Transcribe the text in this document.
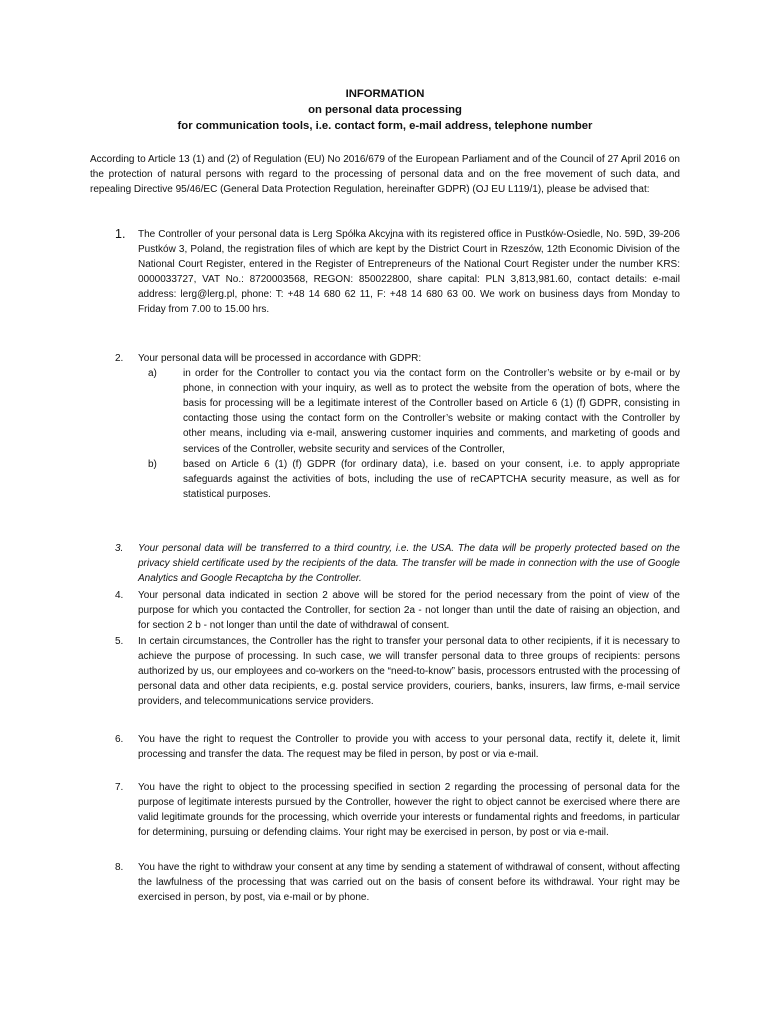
INFORMATION
on personal data processing
for communication tools, i.e. contact form, e-mail address, telephone number
According to Article 13 (1) and (2) of Regulation (EU) No 2016/679 of the European Parliament and of the Council of 27 April 2016 on the protection of natural persons with regard to the processing of personal data and on the free movement of such data, and repealing Directive 95/46/EC (General Data Protection Regulation, hereinafter GDPR) (OJ EU L119/1), please be advised that:
1.	The Controller of your personal data is Lerg Spółka Akcyjna with its registered office in Pustków-Osiedle, No. 59D, 39-206 Pustków 3, Poland, the registration files of which are kept by the District Court in Rzeszów, 12th Economic Division of the National Court Register, entered in the Register of Entrepreneurs of the National Court Register under the number KRS: 0000033727, VAT No.: 8720003568, REGON: 850022800, share capital: PLN 3,813,981.60, contact details: e-mail address: lerg@lerg.pl, phone: T: +48 14 680 62 11, F: +48 14 680 63 00. We work on business days from Monday to Friday from 7.00 to 15.00 hrs.
2.	Your personal data will be processed in accordance with GDPR:
a)	in order for the Controller to contact you via the contact form on the Controller’s website or by e-mail or by phone, in connection with your inquiry, as well as to protect the website from the operation of bots, where the basis for processing will be a legitimate interest of the Controller based on Article 6 (1) (f) GDPR, consisting in contacting those using the contact form on the Controller’s website or making contact with the Controller by other means, including via e-mail, answering customer inquiries and comments, and marketing of goods and services of the Controller, website security and services of the Controller,
b)	based on Article 6 (1) (f) GDPR (for ordinary data), i.e. based on your consent, i.e. to apply appropriate safeguards against the activities of bots, including the use of reCAPTCHA security measure, as well as for statistical purposes.
3.	Your personal data will be transferred to a third country, i.e. the USA. The data will be properly protected based on the privacy shield certificate used by the recipients of the data. The transfer will be made in connection with the use of Google Analytics and Google Recaptcha by the Controller.
4.	Your personal data indicated in section 2 above will be stored for the period necessary from the point of view of the purpose for which you contacted the Controller, for section 2a - not longer than until the date of raising an objection, and for section 2 b - not longer than until the date of withdrawal of consent.
5.	In certain circumstances, the Controller has the right to transfer your personal data to other recipients, if it is necessary to achieve the purpose of processing. In such case, we will transfer personal data to three groups of recipients: persons authorized by us, our employees and co-workers on the “need-to-know” basis, processors entrusted with the processing of personal data and other data recipients, e.g. postal service providers, couriers, banks, insurers, law firms, e-mail service providers, and telecommunications service providers.
6.	You have the right to request the Controller to provide you with access to your personal data, rectify it, delete it, limit processing and transfer the data. The request may be filed in person, by post or via e-mail.
7.	You have the right to object to the processing specified in section 2 regarding the processing of personal data for the purpose of legitimate interests pursued by the Controller, however the right to object cannot be exercised where there are valid legitimate grounds for the processing, which override your interests or fundamental rights and freedoms, in particular for determining, pursuing or defending claims. Your right may be exercised in person, by post or via e-mail.
8.	You have the right to withdraw your consent at any time by sending a statement of withdrawal of consent, without affecting the lawfulness of the processing that was carried out on the basis of consent before its withdrawal. Your right may be exercised in person, by post, via e-mail or by phone.
